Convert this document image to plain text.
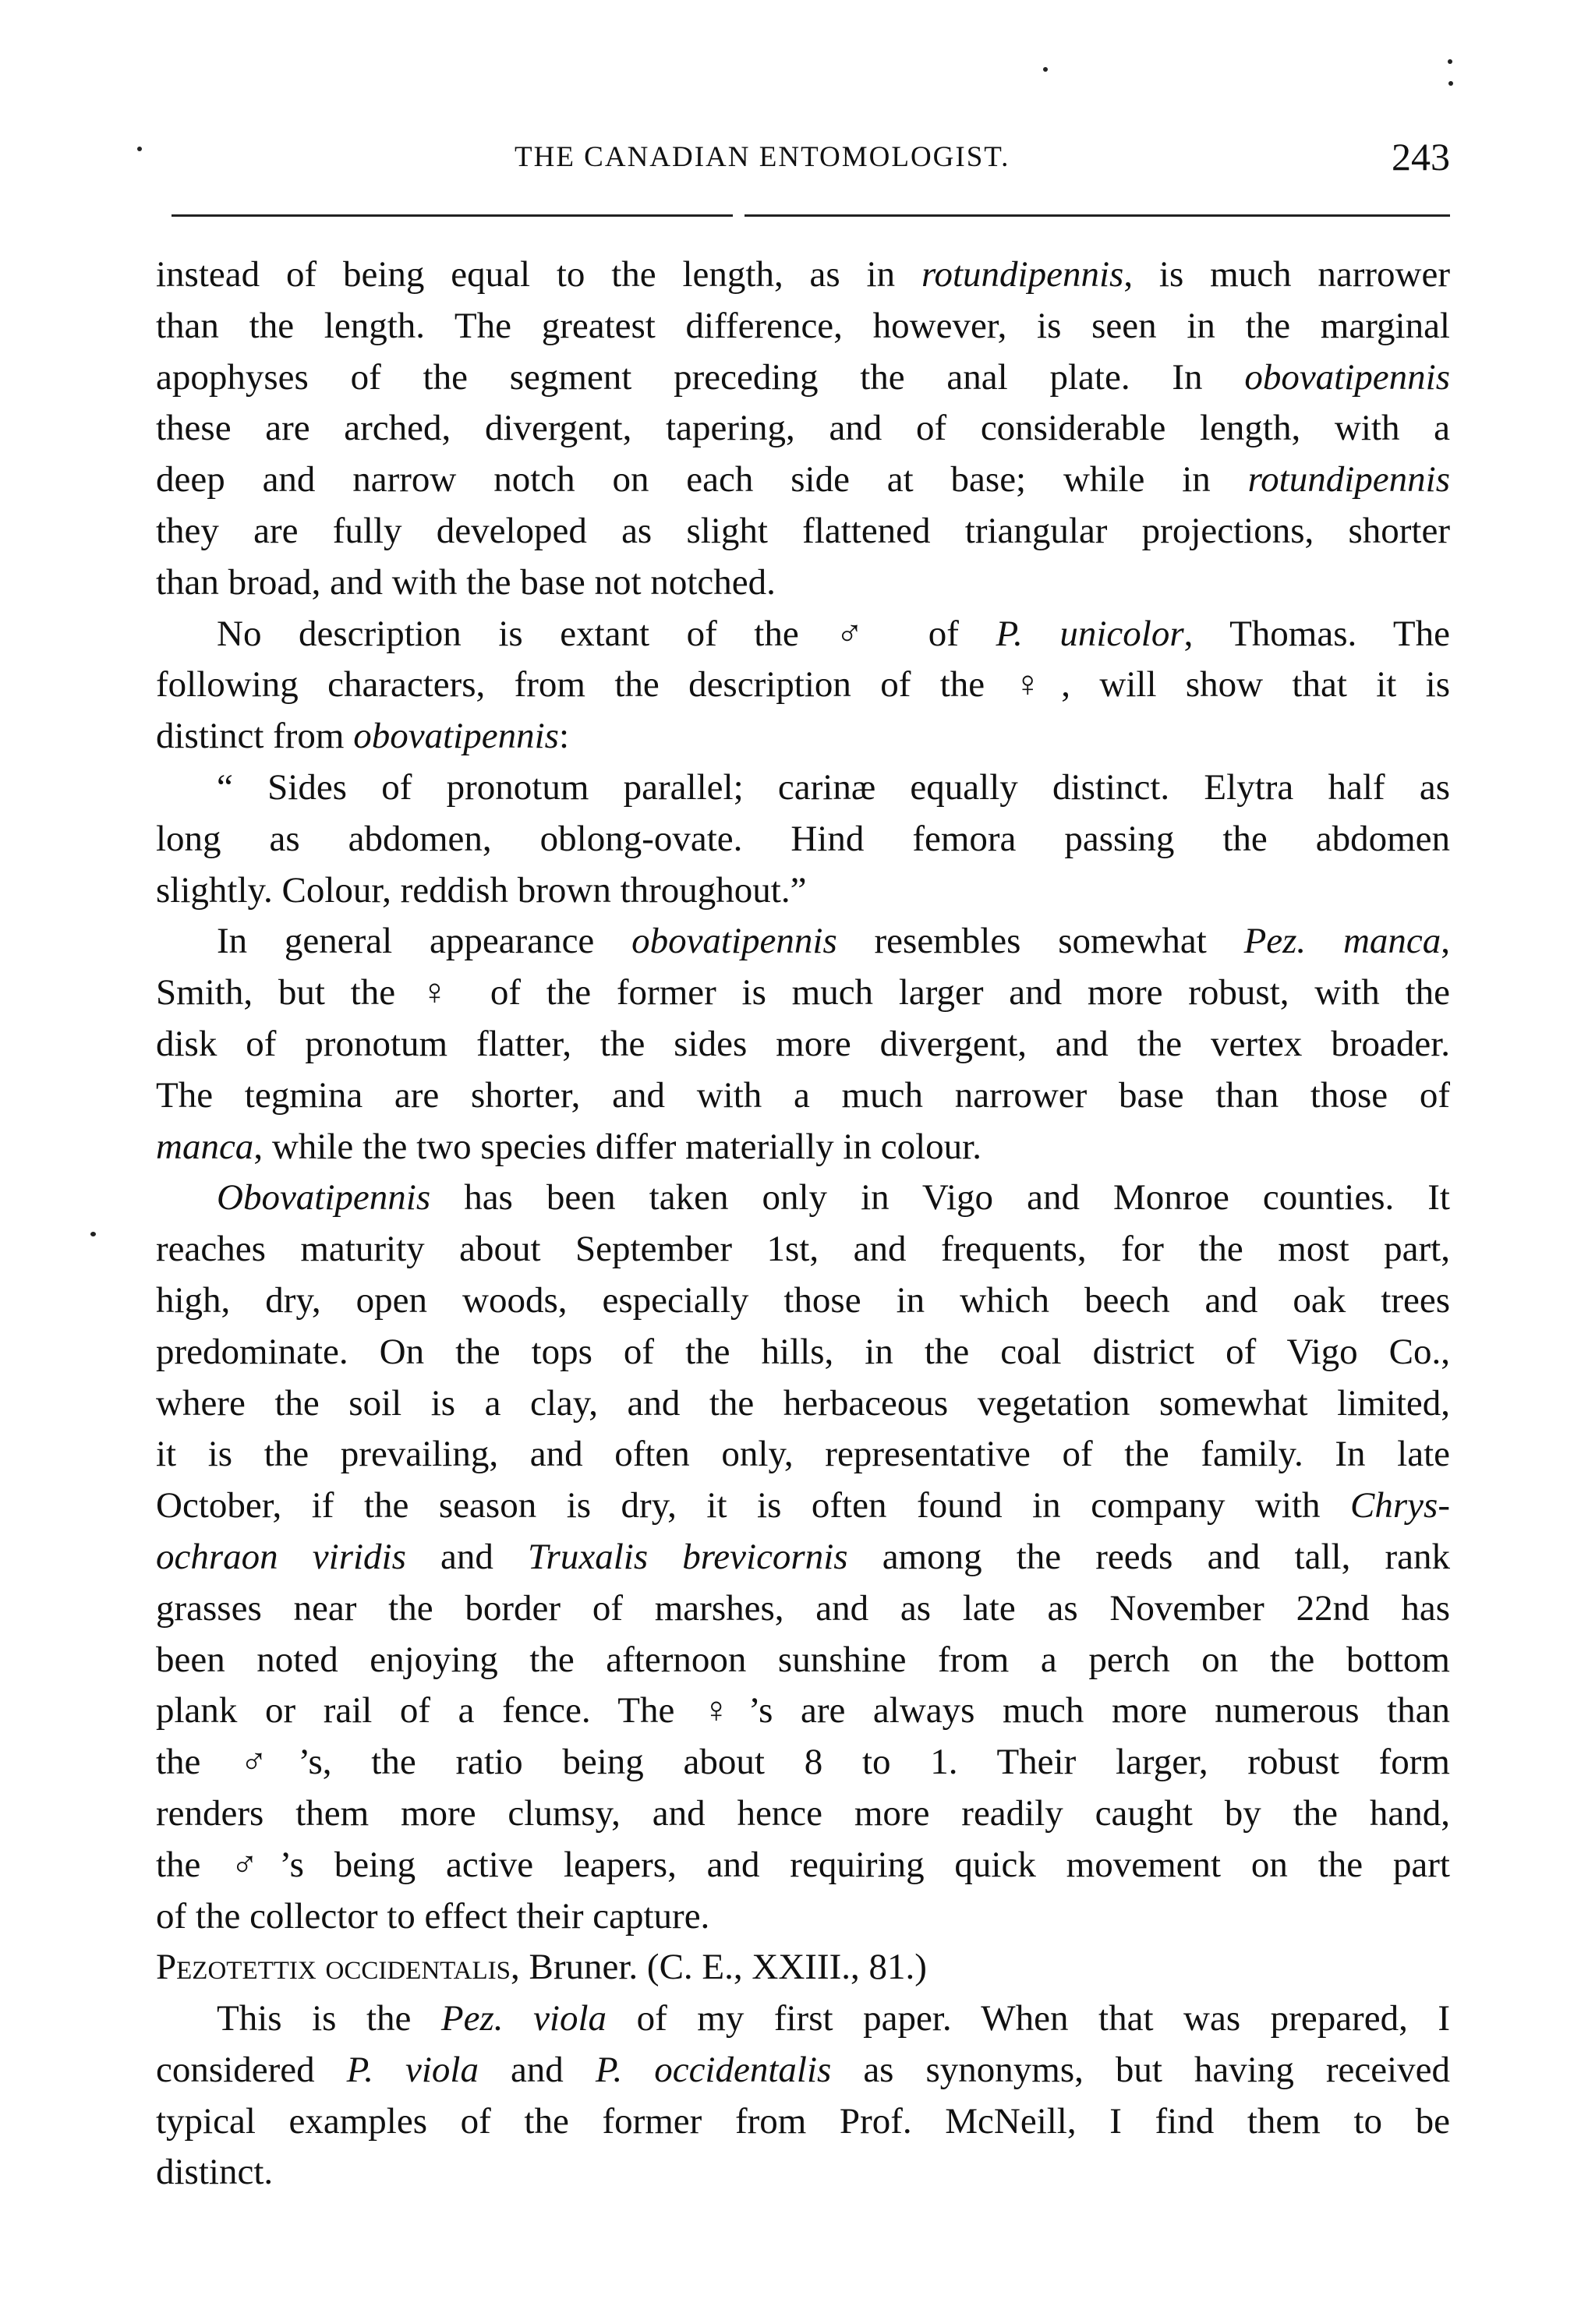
THE CANADIAN ENTOMOLOGIST.	243
instead of being equal to the length, as in rotundipennis, is much narrower
than the length. The greatest difference, however, is seen in the marginal
apophyses of the segment preceding the anal plate. In obovatipennis
these are arched, divergent, tapering, and of considerable length, with a
deep and narrow notch on each side at base; while in rotundipennis
they are fully developed as slight flattened triangular projections, shorter
than broad, and with the base not notched.
No description is extant of the ♂ of P. unicolor, Thomas. The
following characters, from the description of the ♀, will show that it is
distinct from obovatipennis:
“ Sides of pronotum parallel; carinæ equally distinct. Elytra half as
long as abdomen, oblong-ovate. Hind femora passing the abdomen
slightly. Colour, reddish brown throughout.”
In general appearance obovatipennis resembles somewhat Pez. manca,
Smith, but the ♀ of the former is much larger and more robust, with the
disk of pronotum flatter, the sides more divergent, and the vertex broader.
The tegmina are shorter, and with a much narrower base than those of
manca, while the two species differ materially in colour.
Obovatipennis has been taken only in Vigo and Monroe counties. It
reaches maturity about September 1st, and frequents, for the most part,
high, dry, open woods, especially those in which beech and oak trees
predominate. On the tops of the hills, in the coal district of Vigo Co.,
where the soil is a clay, and the herbaceous vegetation somewhat limited,
it is the prevailing, and often only, representative of the family. In late
October, if the season is dry, it is often found in company with Chrys-
ochraon viridis and Truxalis brevicornis among the reeds and tall, rank
grasses near the border of marshes, and as late as November 22nd has
been noted enjoying the afternoon sunshine from a perch on the bottom
plank or rail of a fence. The ♀’s are always much more numerous than
the ♂’s, the ratio being about 8 to 1. Their larger, robust form
renders them more clumsy, and hence more readily caught by the hand,
the ♂’s being active leapers, and requiring quick movement on the part
of the collector to effect their capture.
Pezotettix occidentalis, Bruner. (C. E., XXIII., 81.)
This is the Pez. viola of my first paper. When that was prepared, I
considered P. viola and P. occidentalis as synonyms, but having received
typical examples of the former from Prof. McNeill, I find them to be
distinct.
